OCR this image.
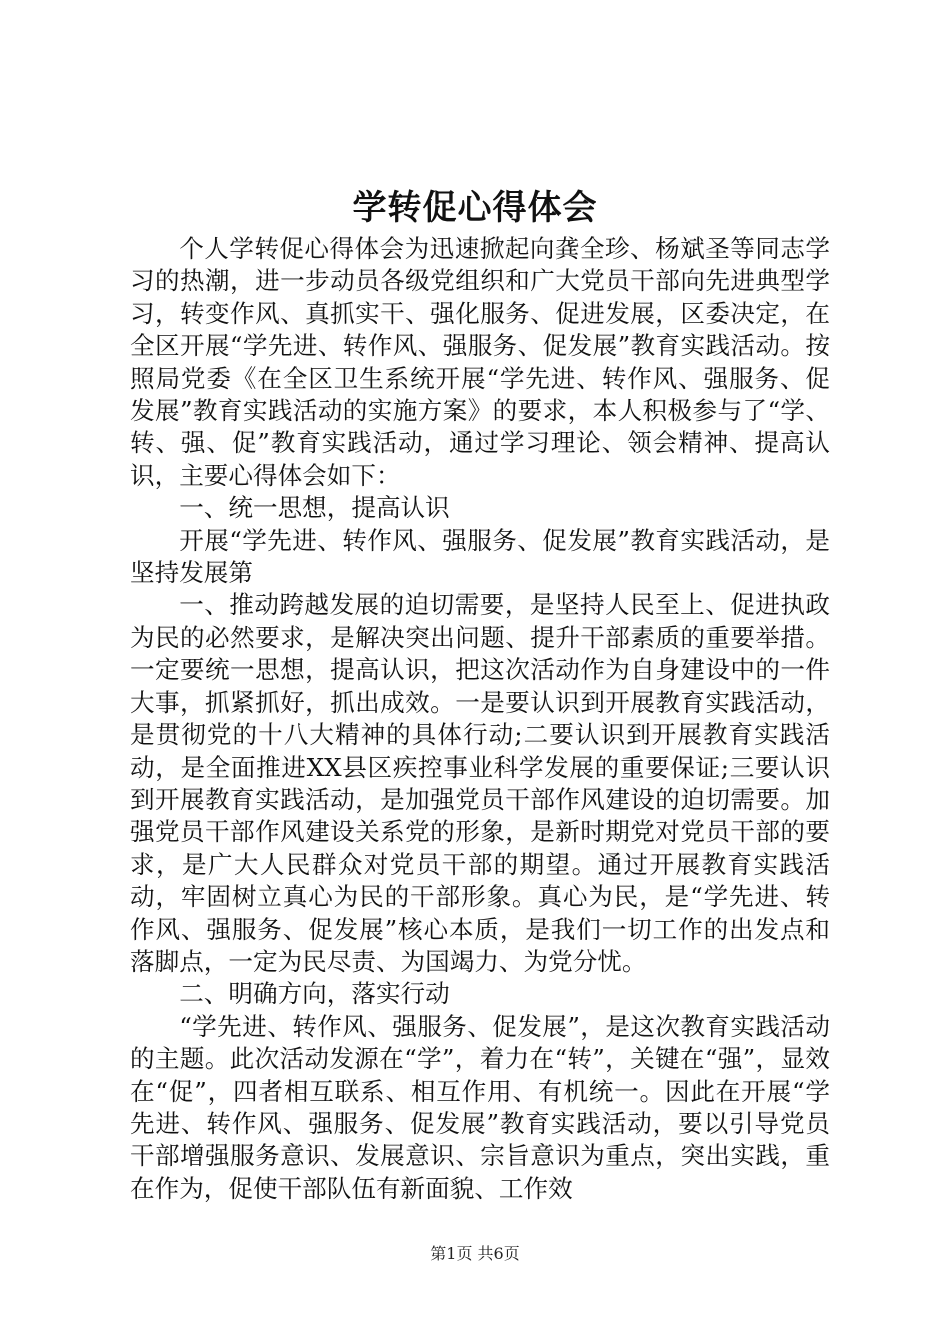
学转促心得体会

个人学转促心得体会为迅速掀起向龚全珍、杨斌圣等同志学习的热潮，进一步动员各级党组织和广大党员干部向先进典型学习，转变作风、真抓实干、强化服务、促进发展，区委决定，在全区开展“学先进、转作风、强服务、促发展”教育实践活动。按照局党委《在全区卫生系统开展“学先进、转作风、强服务、促发展”教育实践活动的实施方案》的要求，本人积极参与了“学、转、强、促”教育实践活动，通过学习理论、领会精神、提高认识，主要心得体会如下：

一、统一思想，提高认识

开展“学先进、转作风、强服务、促发展”教育实践活动，是坚持发展第

一、推动跨越发展的迫切需要，是坚持人民至上、促进执政为民的必然要求，是解决突出问题、提升干部素质的重要举措。一定要统一思想，提高认识，把这次活动作为自身建设中的一件大事，抓紧抓好，抓出成效。一是要认识到开展教育实践活动，是贯彻党的十八大精神的具体行动;二要认识到开展教育实践活动，是全面推进XX县区疾控事业科学发展的重要保证;三要认识到开展教育实践活动，是加强党员干部作风建设的迫切需要。加强党员干部作风建设关系党的形象，是新时期党对党员干部的要求，是广大人民群众对党员干部的期望。通过开展教育实践活动，牢固树立真心为民的干部形象。真心为民，是“学先进、转作风、强服务、促发展”核心本质，是我们一切工作的出发点和落脚点，一定为民尽责、为国竭力、为党分忧。

二、明确方向，落实行动

“学先进、转作风、强服务、促发展”，是这次教育实践活动的主题。此次活动发源在“学”，着力在“转”，关键在“强”，显效在“促”，四者相互联系、相互作用、有机统一。因此在开展“学先进、转作风、强服务、促发展”教育实践活动，要以引导党员干部增强服务意识、发展意识、宗旨意识为重点，突出实践，重在作为，促使干部队伍有新面貌、工作效

第1页 共6页
